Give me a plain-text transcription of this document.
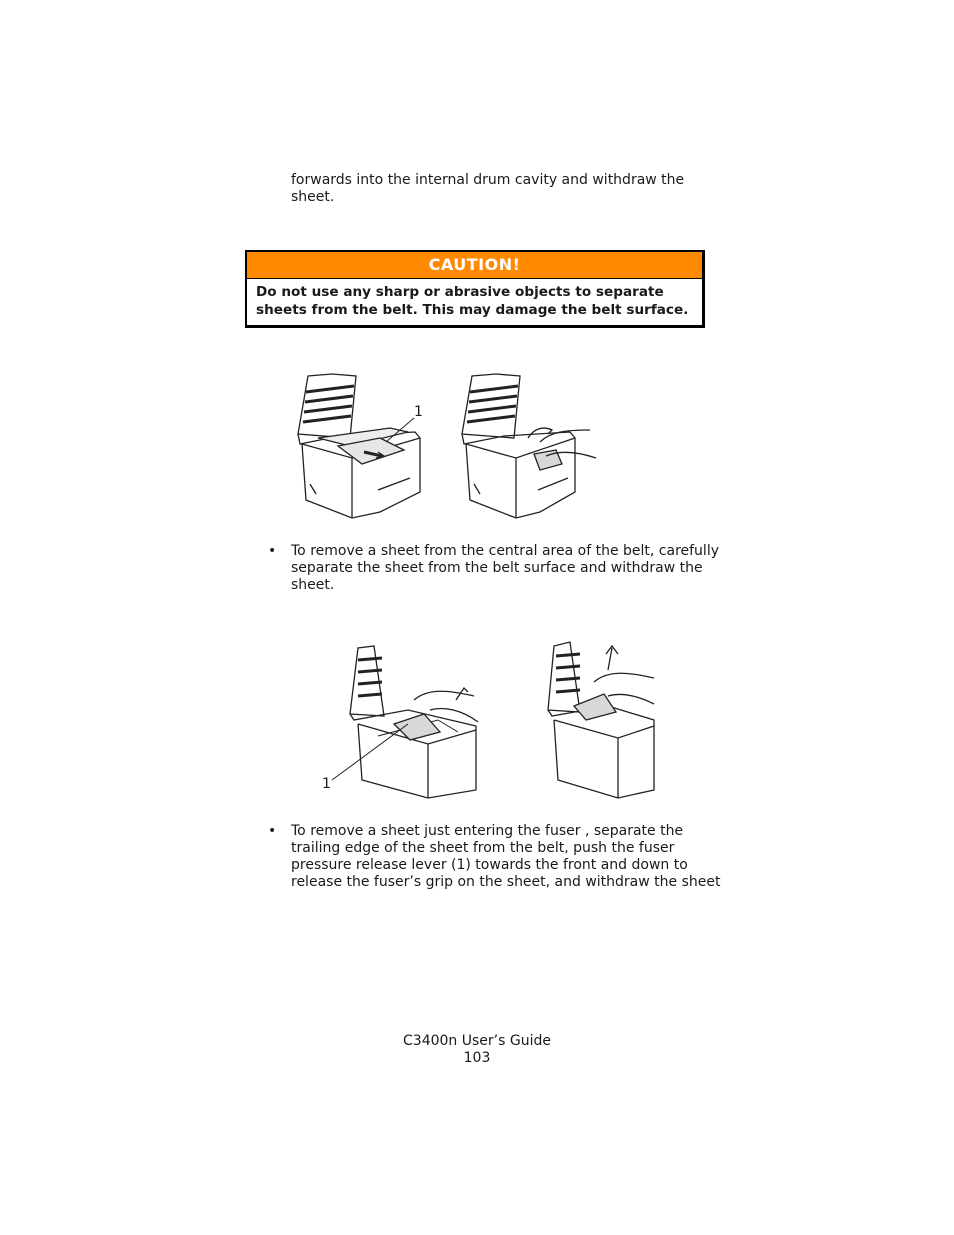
forwards into the internal drum cavity and withdraw the sheet.

CAUTION!
Do not use any sharp or abrasive objects to separate sheets from the belt. This may damage the belt surface.
1
• To remove a sheet from the central area of the belt, carefully separate the sheet from the belt surface and withdraw the sheet.

1
• To remove a sheet just entering the fuser , separate the trailing edge of the sheet from the belt, push the fuser pressure release lever (1) towards the front and down to release the fuser’s grip on the sheet, and withdraw the sheet

C3400n User’s Guide
103
